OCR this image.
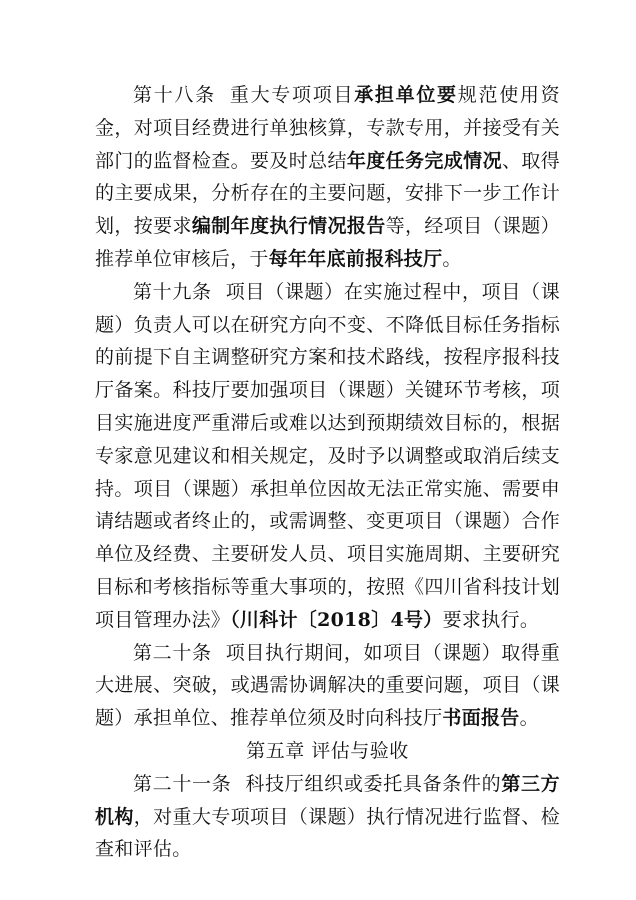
第十八条 重大专项项目承担单位要规范使用资金，对项目经费进行单独核算，专款专用，并接受有关部门的监督检查。要及时总结年度任务完成情况、取得的主要成果，分析存在的主要问题，安排下一步工作计划，按要求编制年度执行情况报告等，经项目（课题）推荐单位审核后，于每年年底前报科技厅。

第十九条 项目（课题）在实施过程中，项目（课题）负责人可以在研究方向不变、不降低目标任务指标的前提下自主调整研究方案和技术路线，按程序报科技厅备案。科技厅要加强项目（课题）关键环节考核，项目实施进度严重滞后或难以达到预期绩效目标的，根据专家意见建议和相关规定，及时予以调整或取消后续支持。项目（课题）承担单位因故无法正常实施、需要申请结题或者终止的，或需调整、变更项目（课题）合作单位及经费、主要研发人员、项目实施周期、主要研究目标和考核指标等重大事项的，按照《四川省科技计划项目管理办法》（川科计〔2018〕4号）要求执行。

第二十条 项目执行期间，如项目（课题）取得重大进展、突破，或遇需协调解决的重要问题，项目（课题）承担单位、推荐单位须及时向科技厅书面报告。

第五章 评估与验收

第二十一条 科技厅组织或委托具备条件的第三方机构，对重大专项项目（课题）执行情况进行监督、检查和评估。
